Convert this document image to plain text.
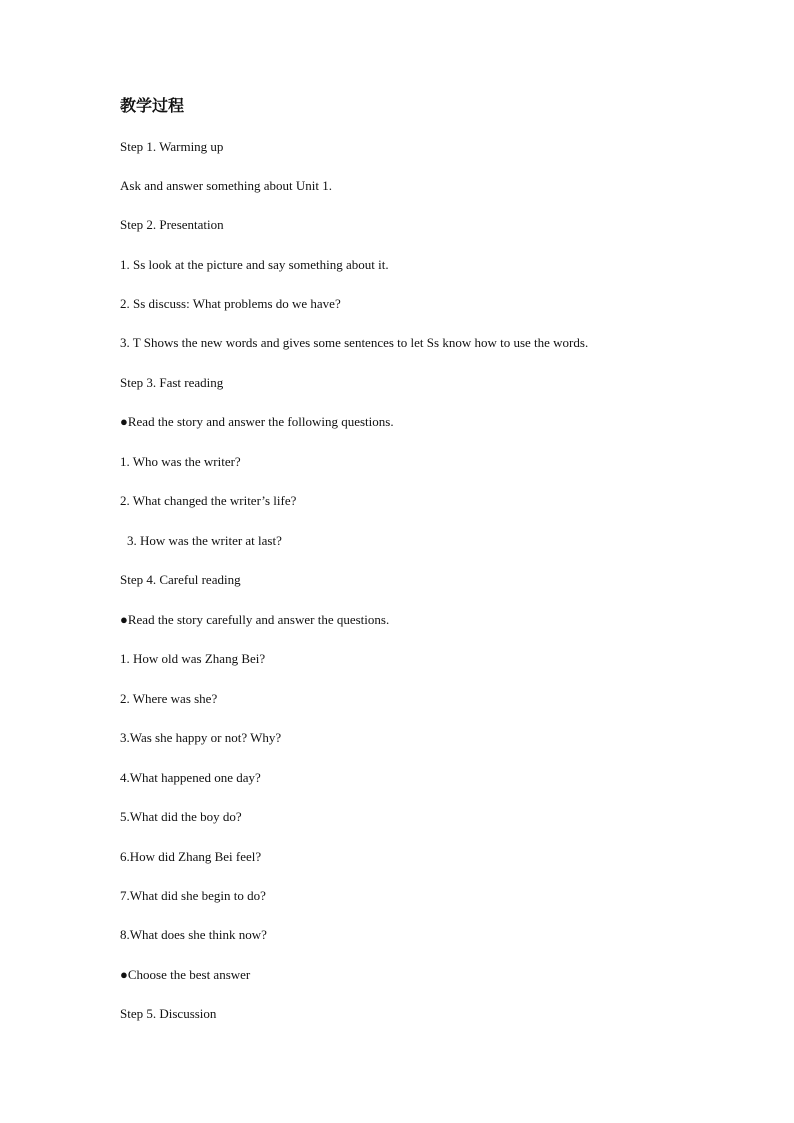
教学过程
Step 1. Warming up
Ask and answer something about Unit 1.
Step 2. Presentation
1. Ss look at the picture and say something about it.
2. Ss discuss: What problems do we have?
3. T Shows the new words and gives some sentences to let Ss know how to use the words.
Step 3. Fast reading
●Read the story and answer the following questions.
1. Who was the writer?
2. What changed the writer’s life?
3. How was the writer at last?
Step 4. Careful reading
●Read the story carefully and answer the questions.
1. How old was Zhang Bei?
2. Where was she?
3.Was she happy or not? Why?
4.What happened one day?
5.What did the boy do?
6.How did Zhang Bei feel?
7.What did she begin to do?
8.What does she think now?
●Choose the best answer
Step 5. Discussion
